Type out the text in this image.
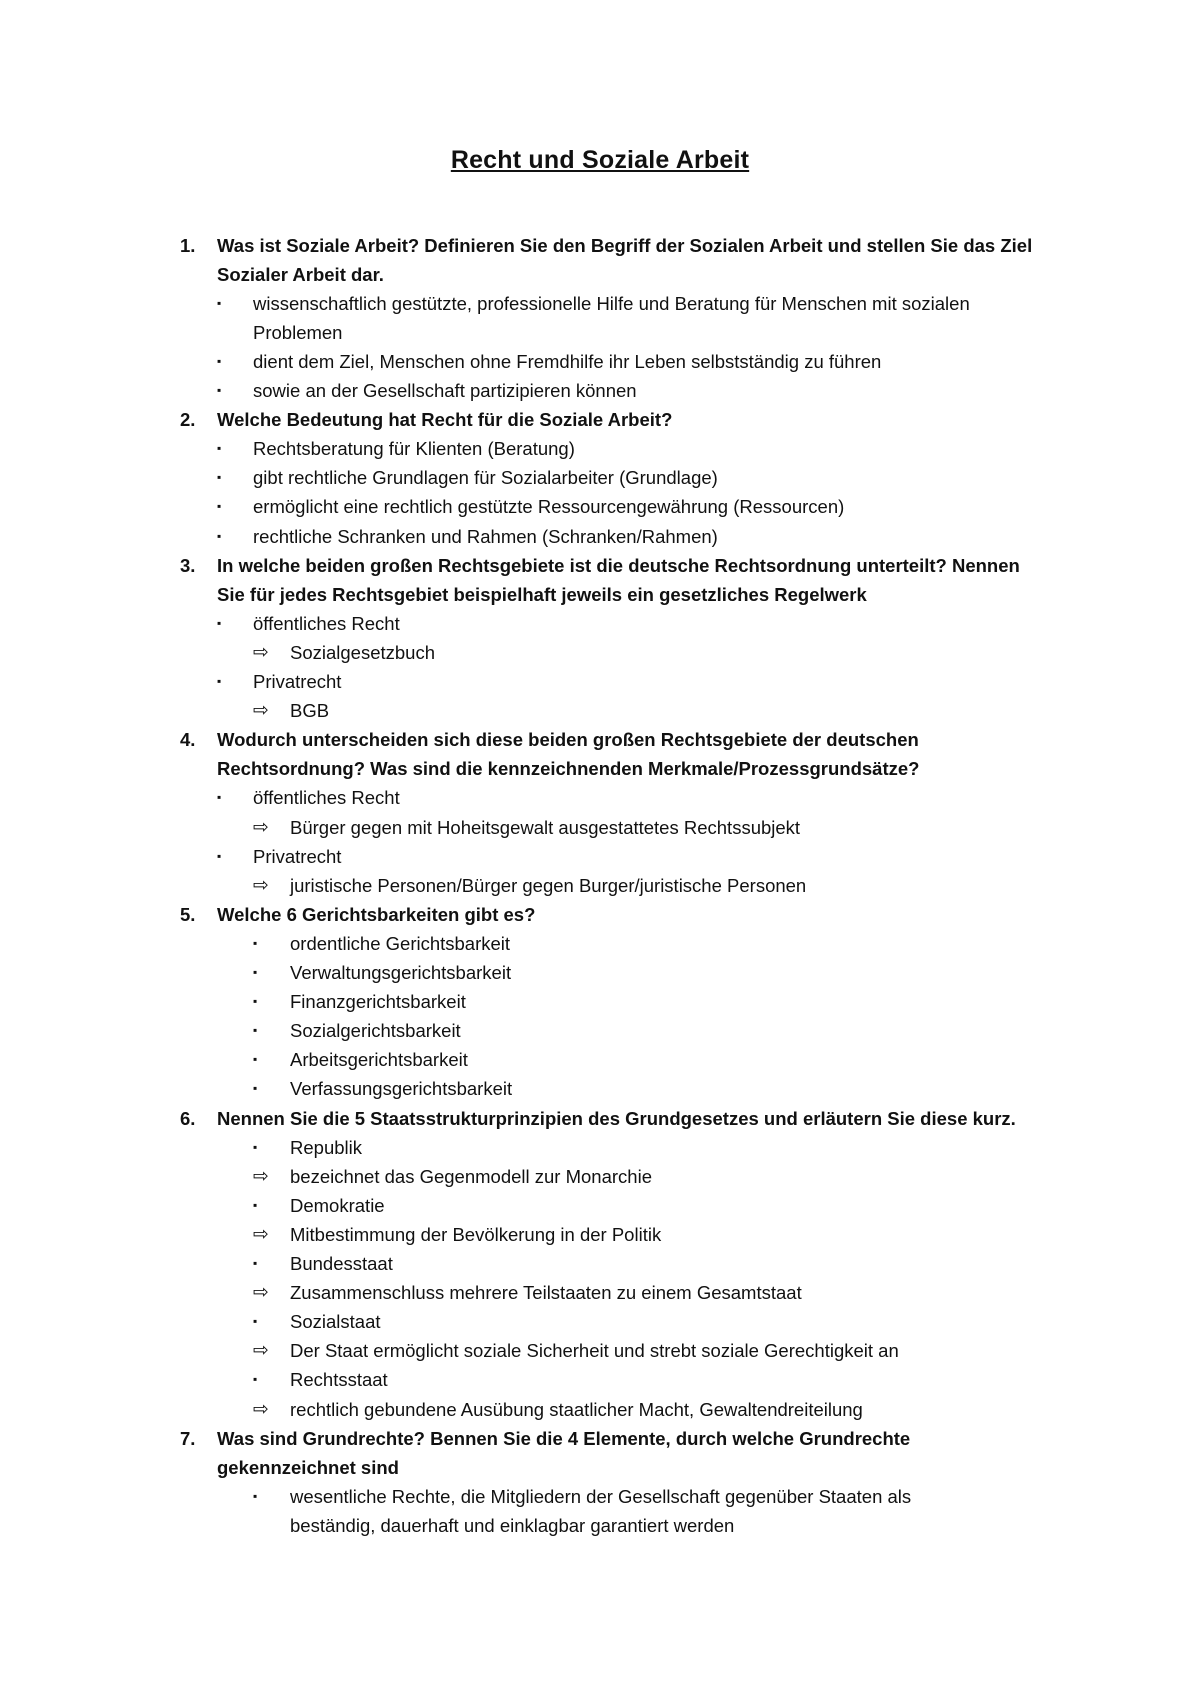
Recht und Soziale Arbeit
1. Was ist Soziale Arbeit? Definieren Sie den Begriff der Sozialen Arbeit und stellen Sie das Ziel
Sozialer Arbeit dar.
▪ wissenschaftlich gestützte, professionelle Hilfe und Beratung für Menschen mit sozialen
Problemen
▪ dient dem Ziel, Menschen ohne Fremdhilfe ihr Leben selbstständig zu führen
▪ sowie an der Gesellschaft partizipieren können
2. Welche Bedeutung hat Recht für die Soziale Arbeit?
▪ Rechtsberatung für Klienten (Beratung)
▪ gibt rechtliche Grundlagen für Sozialarbeiter (Grundlage)
▪ ermöglicht eine rechtlich gestützte Ressourcengewährung (Ressourcen)
▪ rechtliche Schranken und Rahmen (Schranken/Rahmen)
3. In welche beiden großen Rechtsgebiete ist die deutsche Rechtsordnung unterteilt? Nennen
Sie für jedes Rechtsgebiet beispielhaft jeweils ein gesetzliches Regelwerk
▪ öffentliches Recht
⇨ Sozialgesetzbuch
▪ Privatrecht
⇨ BGB
4. Wodurch unterscheiden sich diese beiden großen Rechtsgebiete der deutschen
Rechtsordnung? Was sind die kennzeichnenden Merkmale/Prozessgrundsätze?
▪ öffentliches Recht
⇨ Bürger gegen mit Hoheitsgewalt ausgestattetes Rechtssubjekt
▪ Privatrecht
⇨ juristische Personen/Bürger gegen Burger/juristische Personen
5. Welche 6 Gerichtsbarkeiten gibt es?
▪ ordentliche Gerichtsbarkeit
▪ Verwaltungsgerichtsbarkeit
▪ Finanzgerichtsbarkeit
▪ Sozialgerichtsbarkeit
▪ Arbeitsgerichtsbarkeit
▪ Verfassungsgerichtsbarkeit
6. Nennen Sie die 5 Staatsstrukturprinzipien des Grundgesetzes und erläutern Sie diese kurz.
▪ Republik
⇨ bezeichnet das Gegenmodell zur Monarchie
▪ Demokratie
⇨ Mitbestimmung der Bevölkerung in der Politik
▪ Bundesstaat
⇨ Zusammenschluss mehrere Teilstaaten zu einem Gesamtstaat
▪ Sozialstaat
⇨ Der Staat ermöglicht soziale Sicherheit und strebt soziale Gerechtigkeit an
▪ Rechtsstaat
⇨ rechtlich gebundene Ausübung staatlicher Macht, Gewaltendreiteilung
7. Was sind Grundrechte? Bennen Sie die 4 Elemente, durch welche Grundrechte
gekennzeichnet sind
▪ wesentliche Rechte, die Mitgliedern der Gesellschaft gegenüber Staaten als
beständig, dauerhaft und einklagbar garantiert werden
